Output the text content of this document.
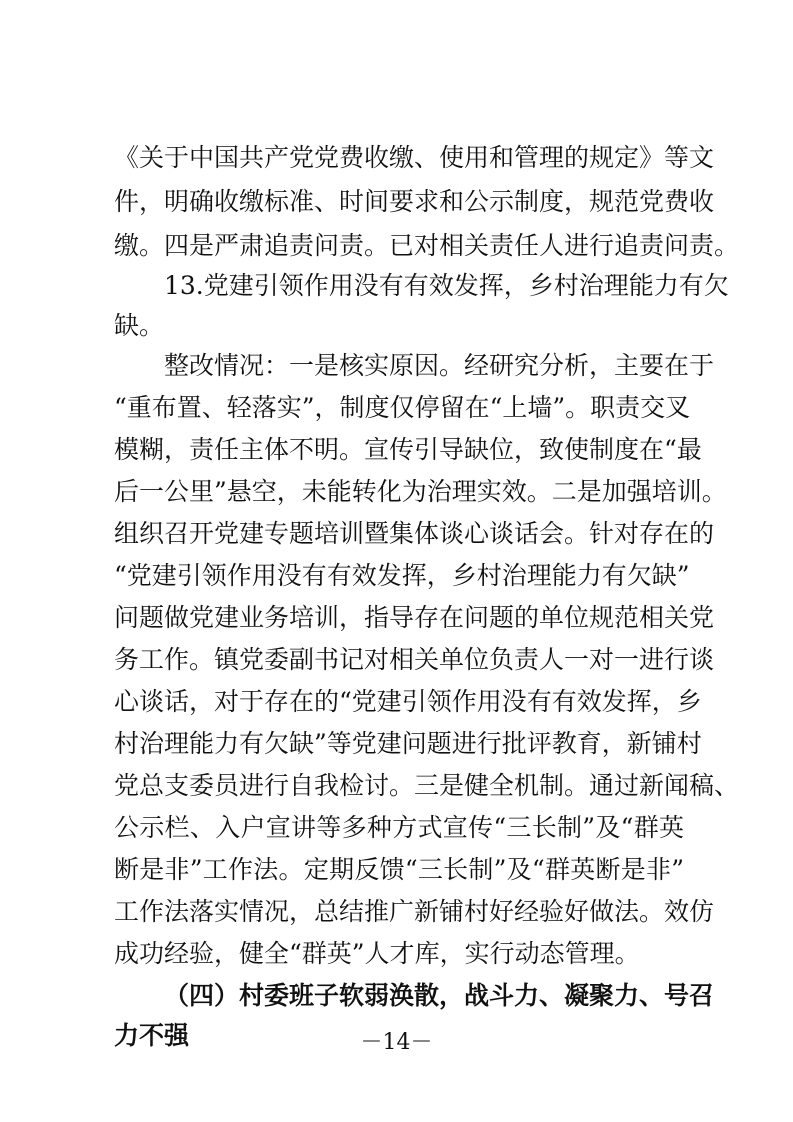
《关于中国共产党党费收缴、使用和管理的规定》等文
件，明确收缴标准、时间要求和公示制度，规范党费收
缴。四是严肃追责问责。已对相关责任人进行追责问责。
13.党建引领作用没有有效发挥，乡村治理能力有欠
缺。
整改情况：一是核实原因。经研究分析，主要在于
“重布置、轻落实”，制度仅停留在“上墙”。职责交叉
模糊，责任主体不明。宣传引导缺位，致使制度在“最
后一公里”悬空，未能转化为治理实效。二是加强培训。
组织召开党建专题培训暨集体谈心谈话会。针对存在的
“党建引领作用没有有效发挥，乡村治理能力有欠缺”
问题做党建业务培训，指导存在问题的单位规范相关党
务工作。镇党委副书记对相关单位负责人一对一进行谈
心谈话，对于存在的“党建引领作用没有有效发挥，乡
村治理能力有欠缺”等党建问题进行批评教育，新铺村
党总支委员进行自我检讨。三是健全机制。通过新闻稿、
公示栏、入户宣讲等多种方式宣传“三长制”及“群英
断是非”工作法。定期反馈“三长制”及“群英断是非”
工作法落实情况，总结推广新铺村好经验好做法。效仿
成功经验，健全“群英”人才库，实行动态管理。
（四）村委班子软弱涣散，战斗力、凝聚力、号召
力不强	－14－
